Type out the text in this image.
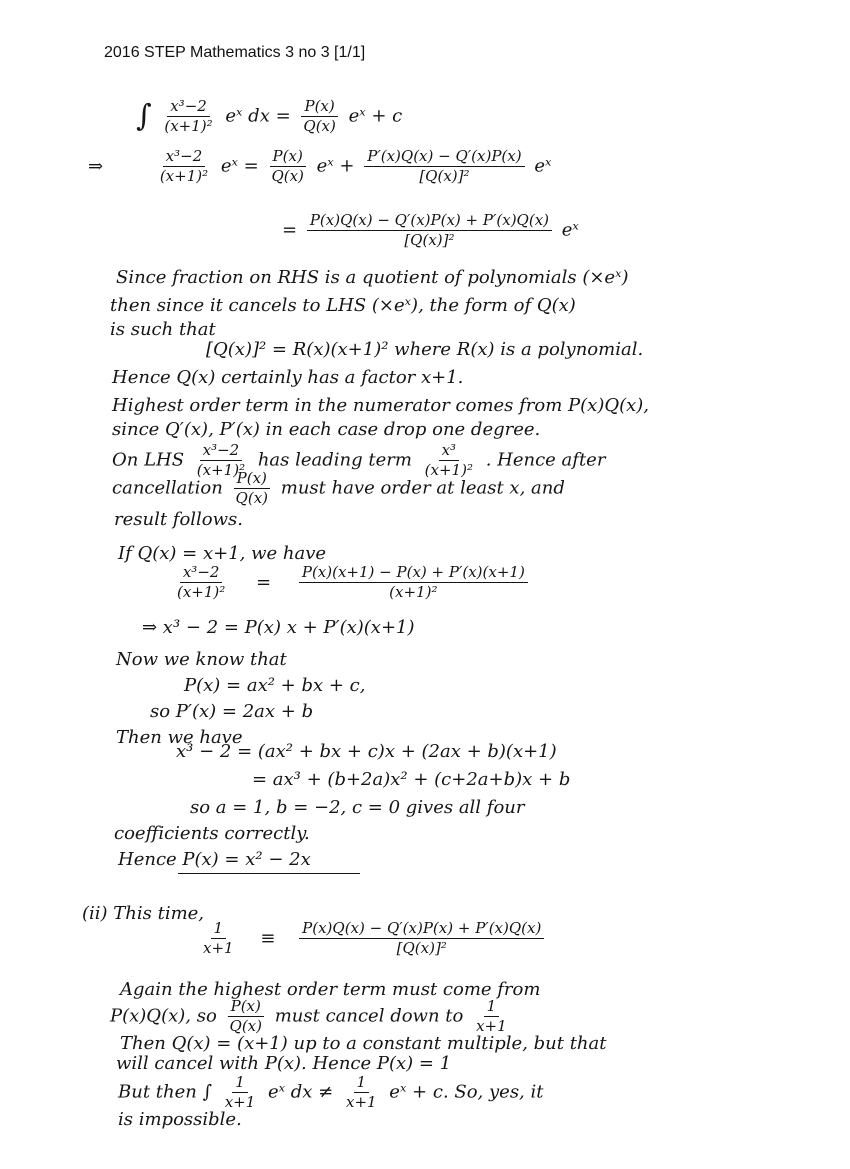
2016 STEP Mathematics 3 no 3 [1/1]
∫ $\frac{\text{x³−2}}{\text{(x+1)²}}$ eˣ dx = $\frac{P(x)}{Q(x)}$ eˣ + c
⇒	$\frac{\text{x³−2}}{\text{(x+1)²}}$ eˣ = $\frac{P(x)}{Q(x)}$ eˣ + $\frac{P'(x)Q(x) - Q'(x)P(x)}{\text{[Q(x)]²}}$ eˣ
= $\frac{P(x)Q(x) - Q'(x)P(x) + P'(x)Q(x)}{\text{[Q(x)]²}}$ eˣ
Since fraction on RHS is a quotient of polynomials (×eˣ)
then since it cancels to LHS (×eˣ), the form of Q(x)
is such that
[Q(x)]² = R(x)(x+1)² where R(x) is a polynomial.
Hence Q(x) certainly has a factor x+1.
Highest order term in the numerator comes from P(x)Q(x),
since Q′(x), P′(x) in each case drop one degree.
On LHS $\frac{\text{x³−2}}{\text{(x+1)²}}$ has leading term $\frac{\text{x³}}{\text{(x+1)²}}$ . Hence after
cancellation $\frac{P(x)}{Q(x)}$ must have order at least x, and
result follows.
If Q(x) = x+1, we have
$\frac{\text{x³−2}}{\text{(x+1)²}} = \frac{P(x)(x+1) - P(x) + P'(x)(x+1)}{\text{(x+1)²}}$
⇒ x³ − 2 = P(x) x + P′(x)(x+1)
Now we know that
P(x) = ax² + bx + c,
so P′(x) = 2ax + b
Then we have
x³ − 2 = (ax² + bx + c)x + (2ax + b)(x+1)
= ax³ + (b+2a)x² + (c+2a+b)x + b
so a = 1, b = −2, c = 0 gives all four
coefficients correctly.
Hence P(x) = x² − 2x
(ii) This time,
$\frac{1}{x+1} \equiv \frac{P(x)Q(x) - Q'(x)P(x) + P'(x)Q(x)}{\text{[Q(x)]²}}$
Again the highest order term must come from
P(x)Q(x), so $\frac{P(x)}{Q(x)}$ must cancel down to $\frac{1}{x+1}$
Then Q(x) = (x+1) up to a constant multiple, but that
will cancel with P(x). Hence P(x) = 1
But then ∫ $\frac{1}{x+1}$ eˣ dx ≠ $\frac{1}{x+1}$ eˣ + c. So, yes, it
is impossible.
